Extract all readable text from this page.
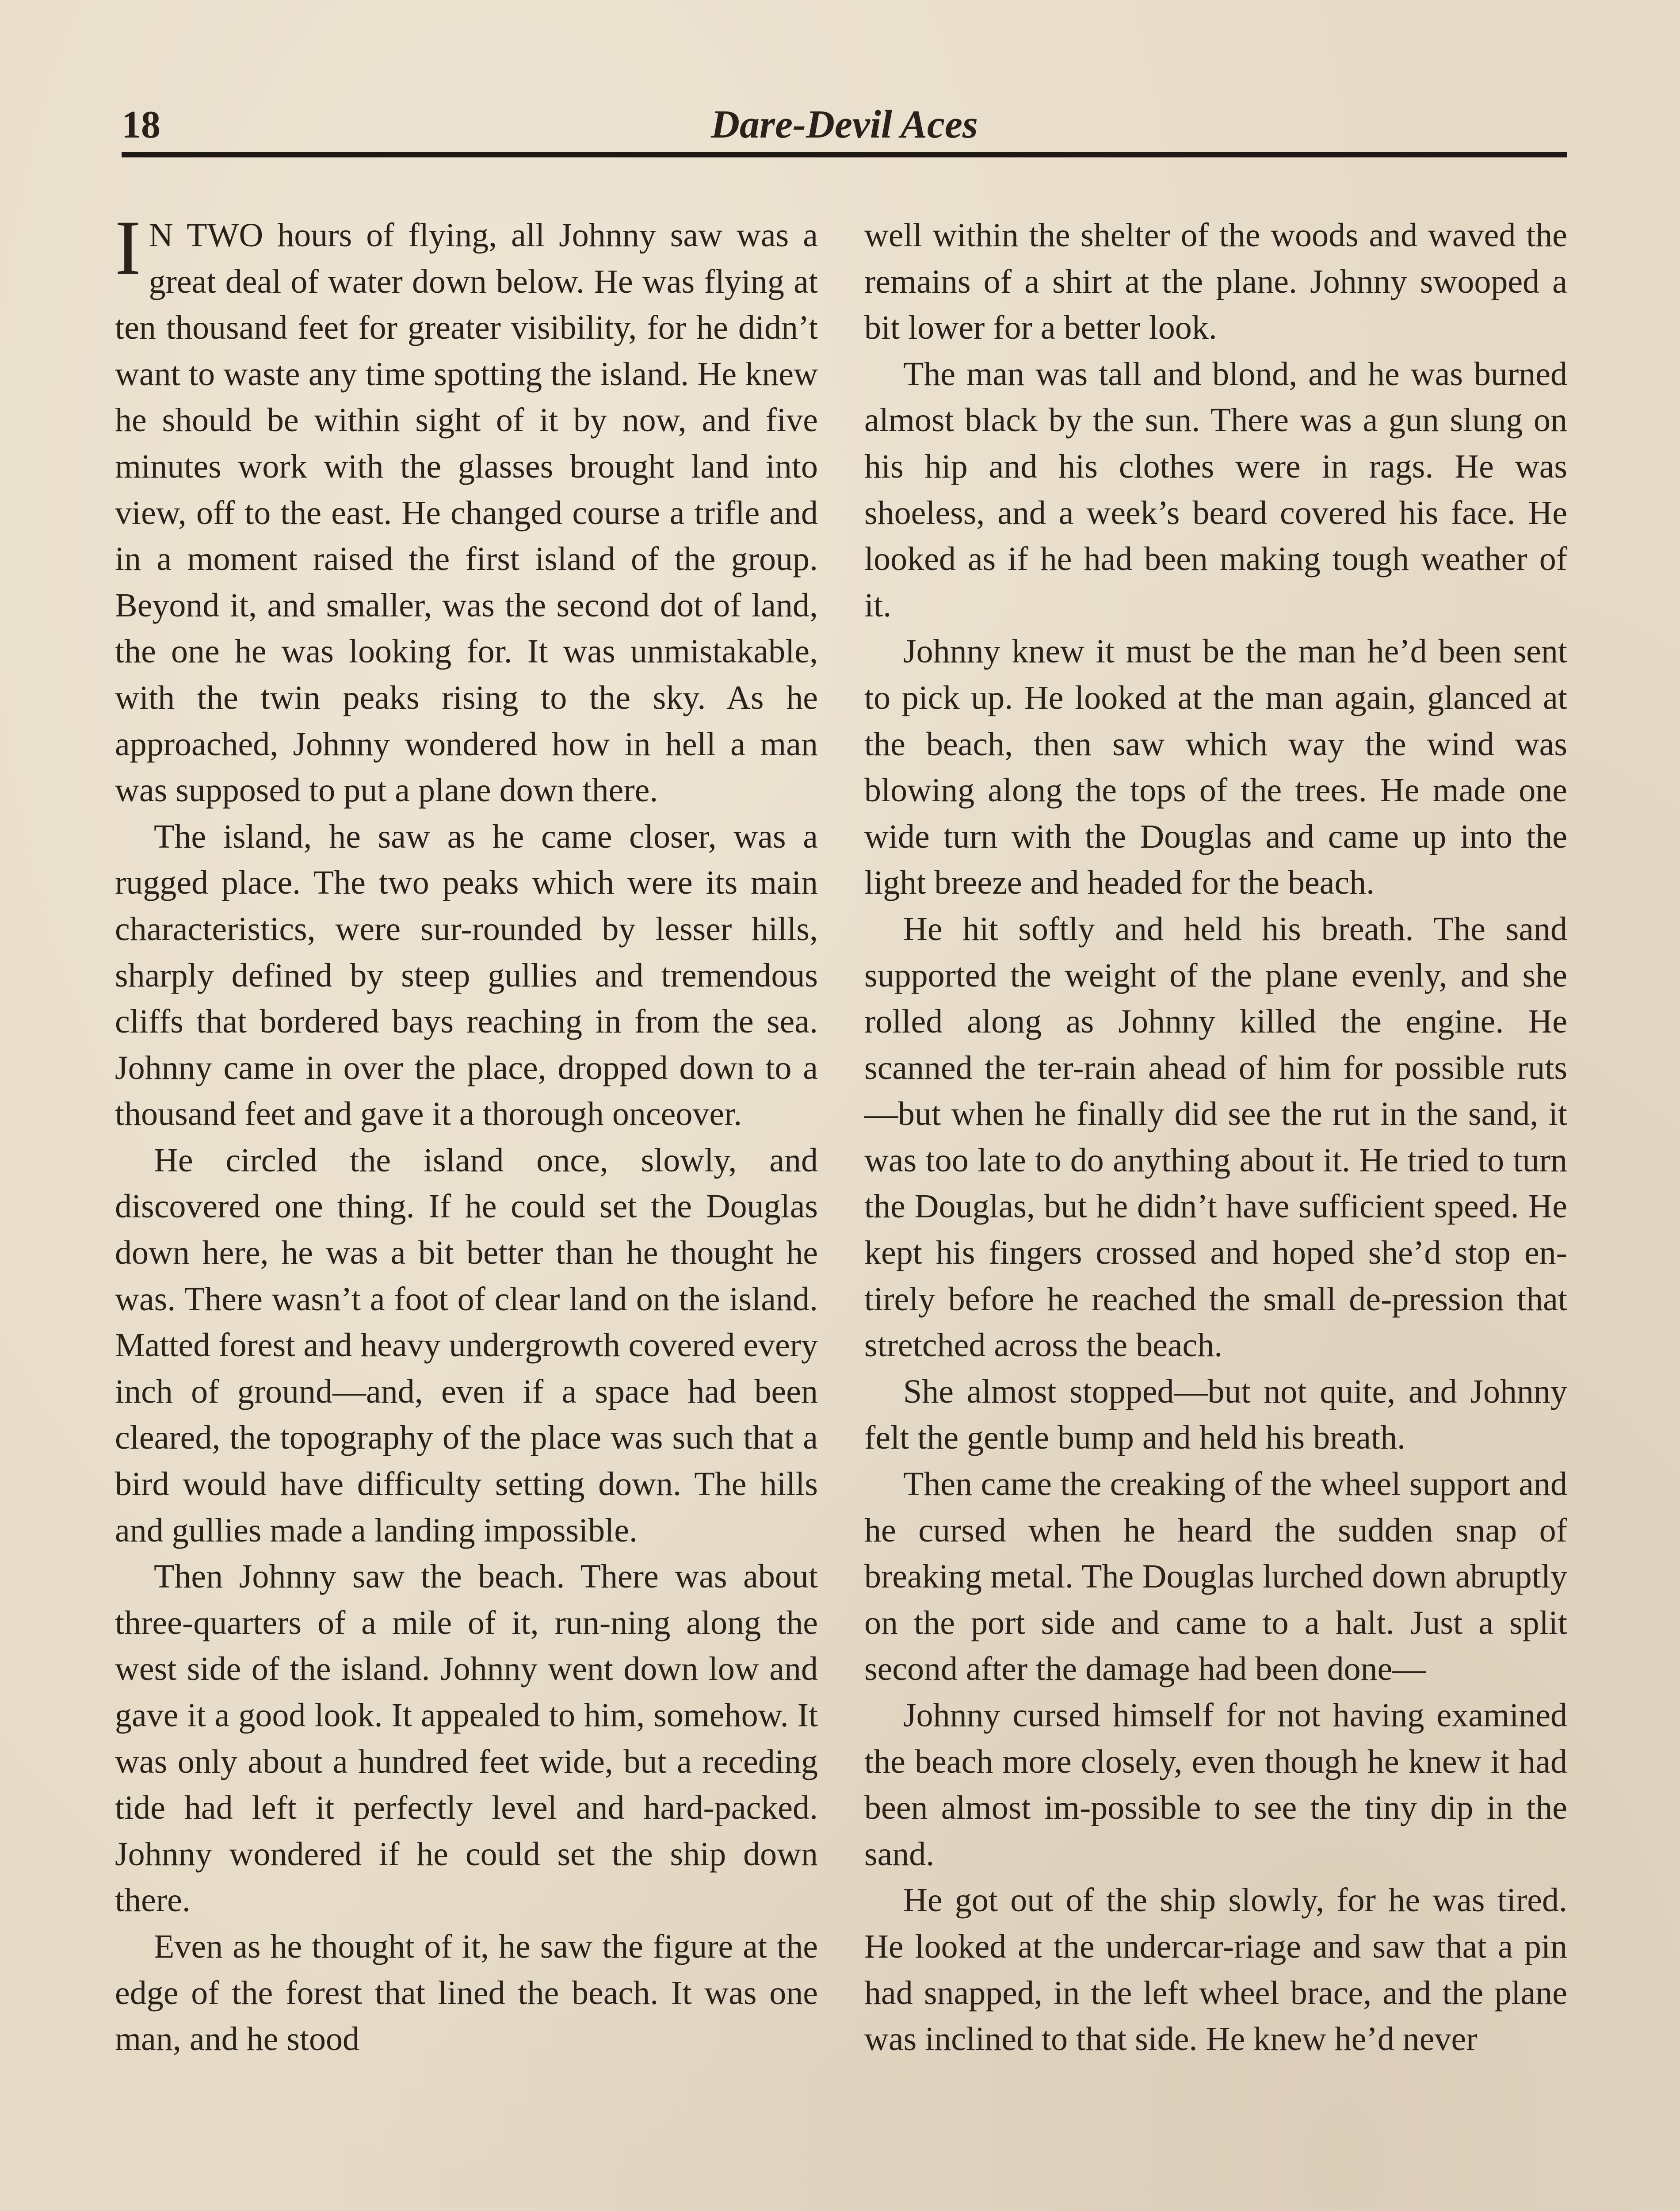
18	Dare-Devil Aces

I N TWO hours of flying, all Johnny saw was a great deal of water down below. He was flying at ten thousand feet for greater visibility, for he didn’t want to waste any time spotting the island. He knew he should be within sight of it by now, and five minutes work with the glasses brought land into view, off to the east. He changed course a trifle and in a moment raised the first island of the group. Beyond it, and smaller, was the second dot of land, the one he was looking for. It was unmistakable, with the twin peaks rising to the sky. As he approached, Johnny wondered how in hell a man was supposed to put a plane down there.

The island, he saw as he came closer, was a rugged place. The two peaks which were its main characteristics, were sur-rounded by lesser hills, sharply defined by steep gullies and tremendous cliffs that bordered bays reaching in from the sea. Johnny came in over the place, dropped down to a thousand feet and gave it a thorough onceover.

He circled the island once, slowly, and discovered one thing. If he could set the Douglas down here, he was a bit better than he thought he was. There wasn’t a foot of clear land on the island. Matted forest and heavy undergrowth covered every inch of ground—and, even if a space had been cleared, the topography of the place was such that a bird would have difficulty setting down. The hills and gullies made a landing impossible.

Then Johnny saw the beach. There was about three-quarters of a mile of it, run-ning along the west side of the island. Johnny went down low and gave it a good look. It appealed to him, somehow. It was only about a hundred feet wide, but a receding tide had left it perfectly level and hard-packed. Johnny wondered if he could set the ship down there.

Even as he thought of it, he saw the figure at the edge of the forest that lined the beach. It was one man, and he stood

well within the shelter of the woods and waved the remains of a shirt at the plane. Johnny swooped a bit lower for a better look.

The man was tall and blond, and he was burned almost black by the sun. There was a gun slung on his hip and his clothes were in rags. He was shoeless, and a week’s beard covered his face. He looked as if he had been making tough weather of it.

Johnny knew it must be the man he’d been sent to pick up. He looked at the man again, glanced at the beach, then saw which way the wind was blowing along the tops of the trees. He made one wide turn with the Douglas and came up into the light breeze and headed for the beach.

He hit softly and held his breath. The sand supported the weight of the plane evenly, and she rolled along as Johnny killed the engine. He scanned the ter-rain ahead of him for possible ruts—but when he finally did see the rut in the sand, it was too late to do anything about it. He tried to turn the Douglas, but he didn’t have sufficient speed. He kept his fingers crossed and hoped she’d stop en-tirely before he reached the small de-pression that stretched across the beach.

She almost stopped—but not quite, and Johnny felt the gentle bump and held his breath.

Then came the creaking of the wheel support and he cursed when he heard the sudden snap of breaking metal. The Douglas lurched down abruptly on the port side and came to a halt. Just a split second after the damage had been done—

Johnny cursed himself for not having examined the beach more closely, even though he knew it had been almost im-possible to see the tiny dip in the sand.

He got out of the ship slowly, for he was tired. He looked at the undercar-riage and saw that a pin had snapped, in the left wheel brace, and the plane was inclined to that side. He knew he’d never
